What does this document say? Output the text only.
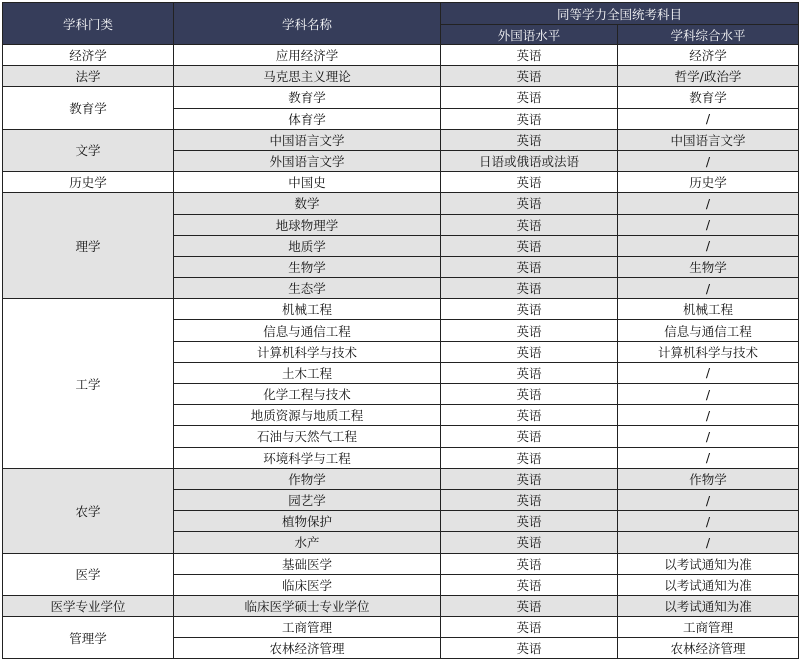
学科门类	学科名称	同等学力全国统考科目	
		外国语水平	学科综合水平
经济学	应用经济学	英语	经济学
法学	马克思主义理论	英语	哲学/政治学
教育学	教育学	英语	教育学
	体育学	英语	/
文学	中国语言文学	英语	中国语言文学
	外国语言文学	日语或俄语或法语	/
历史学	中国史	英语	历史学
理学	数学	英语	/
	地球物理学	英语	/
	地质学	英语	/
	生物学	英语	生物学
	生态学	英语	/
工学	机械工程	英语	机械工程
	信息与通信工程	英语	信息与通信工程
	计算机科学与技术	英语	计算机科学与技术
	土木工程	英语	/
	化学工程与技术	英语	/
	地质资源与地质工程	英语	/
	石油与天然气工程	英语	/
	环境科学与工程	英语	/
农学	作物学	英语	作物学
	园艺学	英语	/
	植物保护	英语	/
	水产	英语	/
医学	基础医学	英语	以考试通知为准
	临床医学	英语	以考试通知为准
医学专业学位	临床医学硕士专业学位	英语	以考试通知为准
管理学	工商管理	英语	工商管理
	农林经济管理	英语	农林经济管理
